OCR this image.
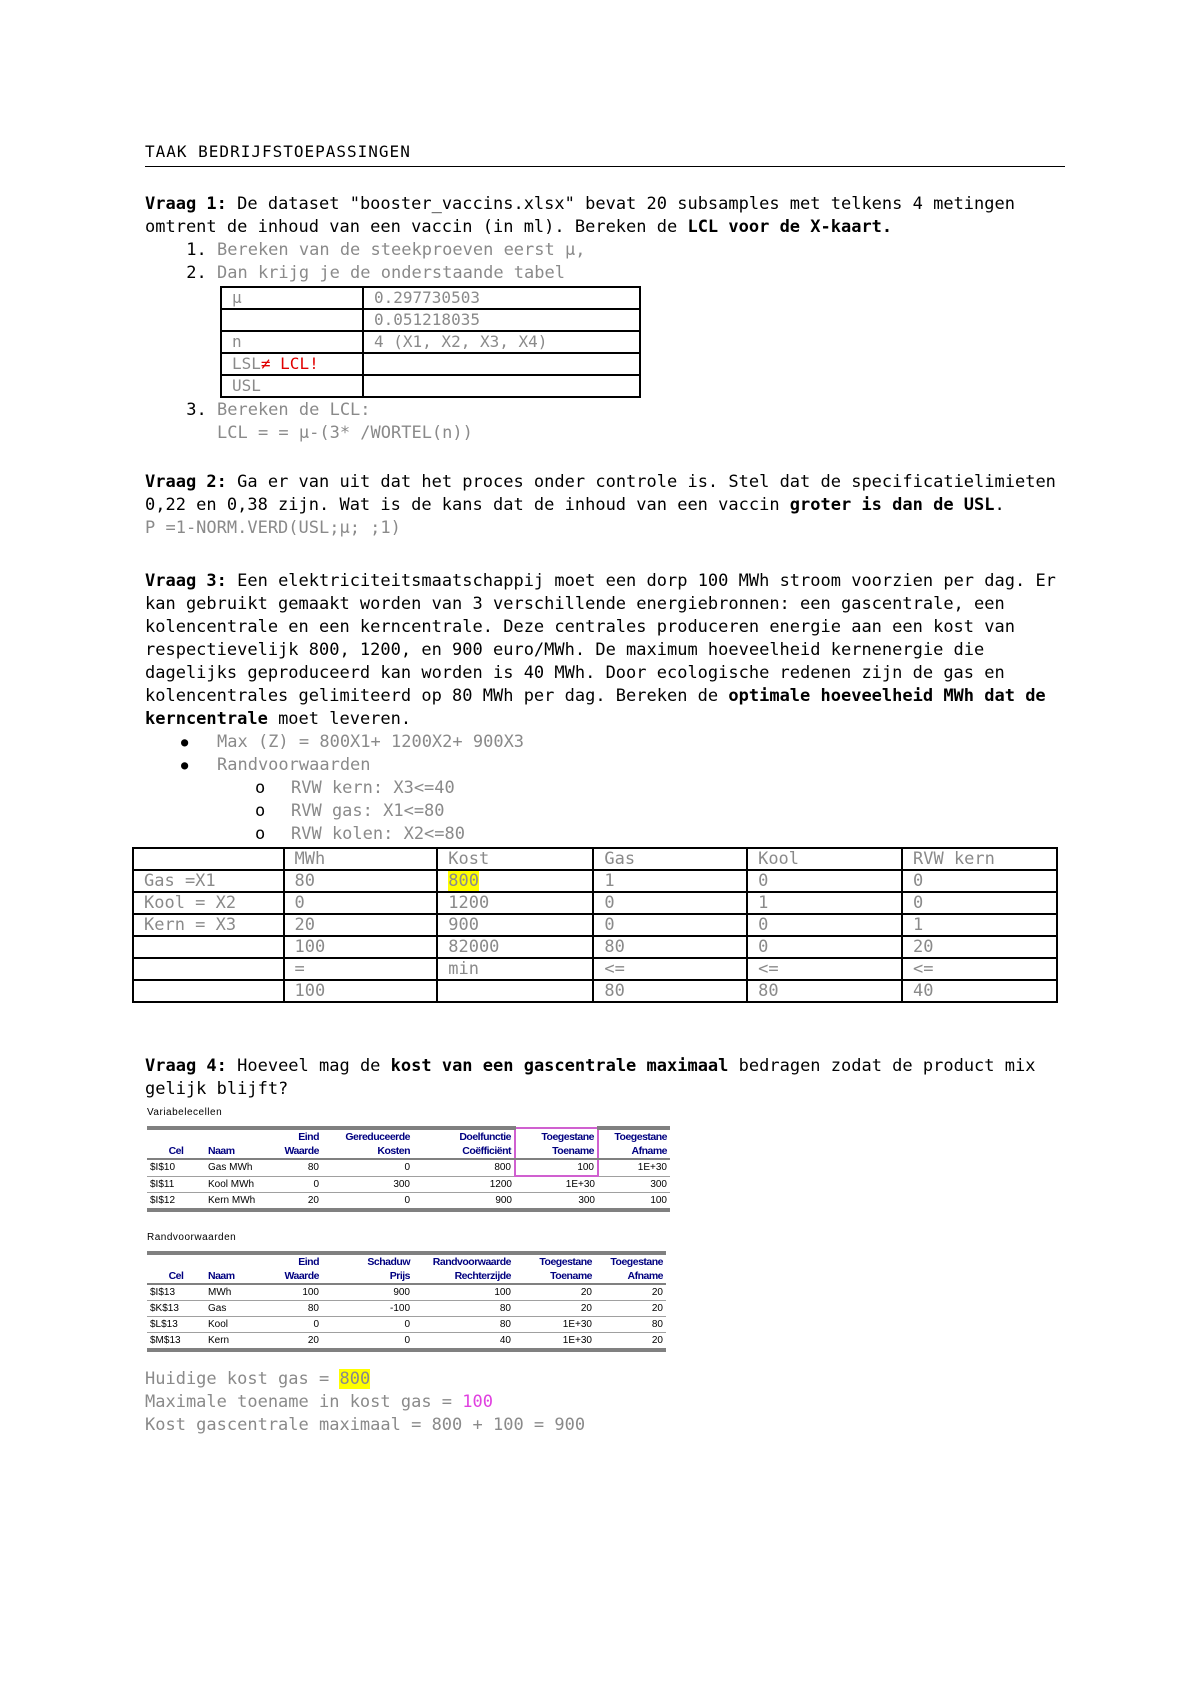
TAAK BEDRIJFSTOEPASSINGEN

Vraag 1: De dataset "booster_vaccins.xlsx" bevat 20 subsamples met telkens 4 metingen omtrent de inhoud van een vaccin (in ml). Bereken de LCL voor de X-kaart.

1. Bereken van de steekproeven eerst µ,
2. Dan krijg je de onderstaande tabel
µ	0.297730503
	0.051218035
n	4 (X1, X2, X3, X4)
LSL≠ LCL!	
USL	
3. Bereken de LCL:
LCL = = µ-(3* /WORTEL(n))

Vraag 2: Ga er van uit dat het proces onder controle is. Stel dat de specificatielimieten 0,22 en 0,38 zijn. Wat is de kans dat de inhoud van een vaccin groter is dan de USL.

P =1-NORM.VERD(USL;µ; ;1)

Vraag 3: Een elektriciteitsmaatschappij moet een dorp 100 MWh stroom voorzien per dag. Er kan gebruikt gemaakt worden van 3 verschillende energiebronnen: een gascentrale, een kolencentrale en een kerncentrale. Deze centrales produceren energie aan een kost van respectievelijk 800, 1200, en 900 euro/MWh. De maximum hoeveelheid kernenergie die dagelijks geproduceerd kan worden is 40 MWh. Door ecologische redenen zijn de gas en kolencentrales gelimiteerd op 80 MWh per dag. Bereken de optimale hoeveelheid MWh dat de kerncentrale moet leveren.

● Max (Z) = 800X1+ 1200X2+ 900X3
● Randvoorwaarden
o RVW kern: X3<=40
o RVW gas: X1<=80
o RVW kolen: X2<=80
	MWh	Kost	Gas	Kool	RVW kern
Gas =X1	80	800	1	0	0
Kool = X2	0	1200	0	1	0
Kern = X3	20	900	0	0	1
	100	82000	80	0	20
	=	min	<=	<=	<=
	100		80	80	40

Vraag 4: Hoeveel mag de kost van een gascentrale maximaal bedragen zodat de product mix gelijk blijft?

Variabelecellen
		Eind	Gereduceerde	Doelfunctie	Toegestane	Toegestane
Cel	Naam	Waarde	Kosten	Coëfficiënt	Toename	Afname
$I$10	Gas MWh	80	0	800	100	1E+30
$I$11	Kool MWh	0	300	1200	1E+30	300
$I$12	Kern MWh	20	0	900	300	100
Randvoorwaarden
		Eind	Schaduw	Randvoorwaarde	Toegestane	Toegestane
Cel	Naam	Waarde	Prijs	Rechterzijde	Toename	Afname
$I$13	MWh	100	900	100	20	20
$K$13	Gas	80	-100	80	20	20
$L$13	Kool	0	0	80	1E+30	80
$M$13	Kern	20	0	40	1E+30	20

Huidige kost gas = 800

Maximale toename in kost gas = 100

Kost gascentrale maximaal = 800 + 100 = 900
